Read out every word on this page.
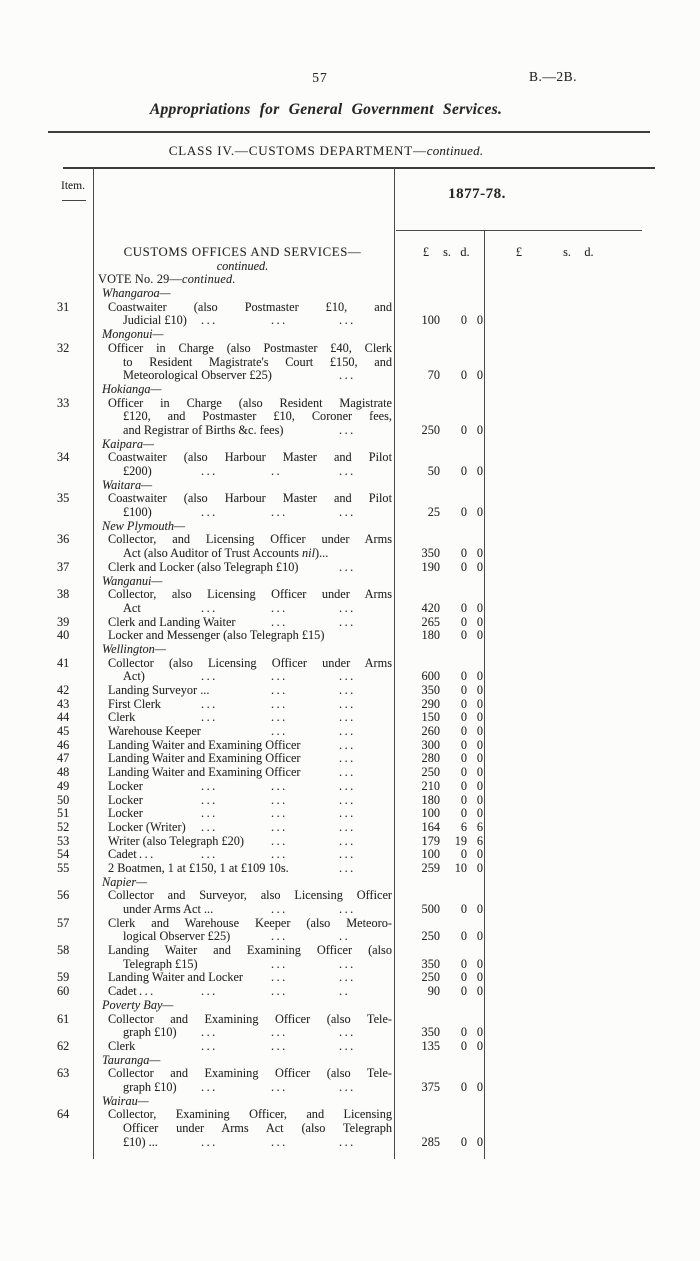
57	B.—2B.
Appropriations for General Government Services.
CLASS IV.—CUSTOMS DEPARTMENT—continued.
Item.	1877-78.
£ s. d.	£	s. d.
CUSTOMS OFFICES AND SERVICES—
continued.
VOTE No. 29—continued.
Whangaroa—
31	Coastwaiter (also Postmaster £10, and
Judicial £10) ...	...	...	100	0 0
Mongonui—
32	Officer in Charge (also Postmaster £40, Clerk
to Resident Magistrate's Court £150, and
Meteorological Observer £25)	...	70	0 0
Hokianga—
33	Officer in Charge (also Resident Magistrate
£120, and Postmaster £10, Coroner fees,
and Registrar of Births &c. fees)	...	250	0 0
Kaipara—
34	Coastwaiter (also Harbour Master and Pilot
£200)	...	..	...	50	0 0
Waitara—
35	Coastwaiter (also Harbour Master and Pilot
£100)	...	...	...	25	0 0
New Plymouth—
36	Collector, and Licensing Officer under Arms
Act (also Auditor of Trust Accounts nil)...	350	0 0
37	Clerk and Locker (also Telegraph £10)	...	190	0 0
Wanganui—
38	Collector, also Licensing Officer under Arms
Act	...	...	...	420	0 0
39	Clerk and Landing Waiter	...	...	265	0 0
40	Locker and Messenger (also Telegraph £15)	180	0 0
Wellington—
41	Collector (also Licensing Officer under Arms
Act)	...	...	...	600	0 0
42	Landing Surveyor ...	...	...	350	0 0
43	First Clerk	...	...	...	290	0 0
44	Clerk	...	...	...	150	0 0
45	Warehouse Keeper	...	...	260	0 0
46	Landing Waiter and Examining Officer	...	300	0 0
47	Landing Waiter and Examining Officer	...	280	0 0
48	Landing Waiter and Examining Officer	...	250	0 0
49	Locker	...	...	...	210	0 0
50	Locker	...	...	...	180	0 0
51	Locker	...	...	...	100	0 0
52	Locker (Writer) ...	...	...	164	6 6
53	Writer (also Telegraph £20) ...	...	179	19 6
54	Cadet ...	...	...	...	100	0 0
55	2 Boatmen, 1 at £150, 1 at £109 10s.	...	259	10 0
Napier—
56	Collector and Surveyor, also Licensing Officer
under Arms Act ...	...	...	500	0 0
57	Clerk and Warehouse Keeper (also Meteoro-
logical Observer £25)	...	..	250	0 0
58	Landing Waiter and Examining Officer (also
Telegraph £15)	...	...	350	0 0
59	Landing Waiter and Locker ...	...	250	0 0
60	Cadet ...	...	...	..	90	0 0
Poverty Bay—
61	Collector and Examining Officer (also Tele-
graph £10) ...	...	...	350	0 0
62	Clerk	...	...	...	135	0 0
Tauranga—
63	Collector and Examining Officer (also Tele-
graph £10) ...	...	...	375	0 0
Wairau—
64	Collector, Examining Officer, and Licensing
Officer under Arms Act (also Telegraph
£10) ...	...	...	...	285	0 0
